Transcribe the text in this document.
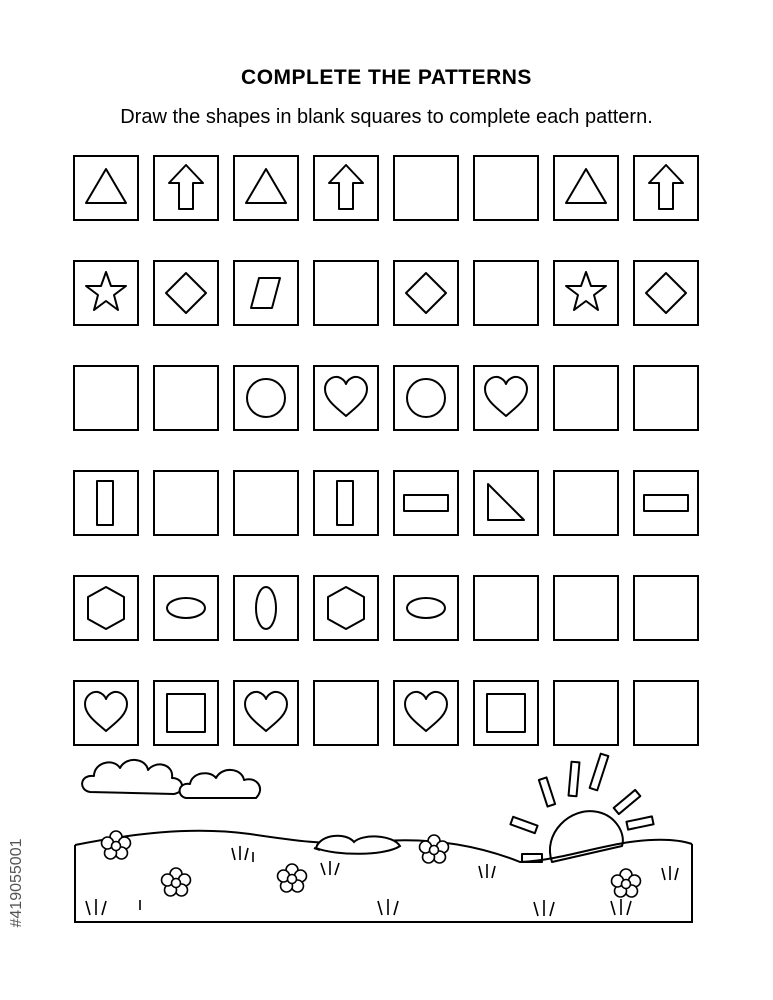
COMPLETE THE PATTERNS
Draw the shapes in blank squares to complete each pattern.
#419055001
